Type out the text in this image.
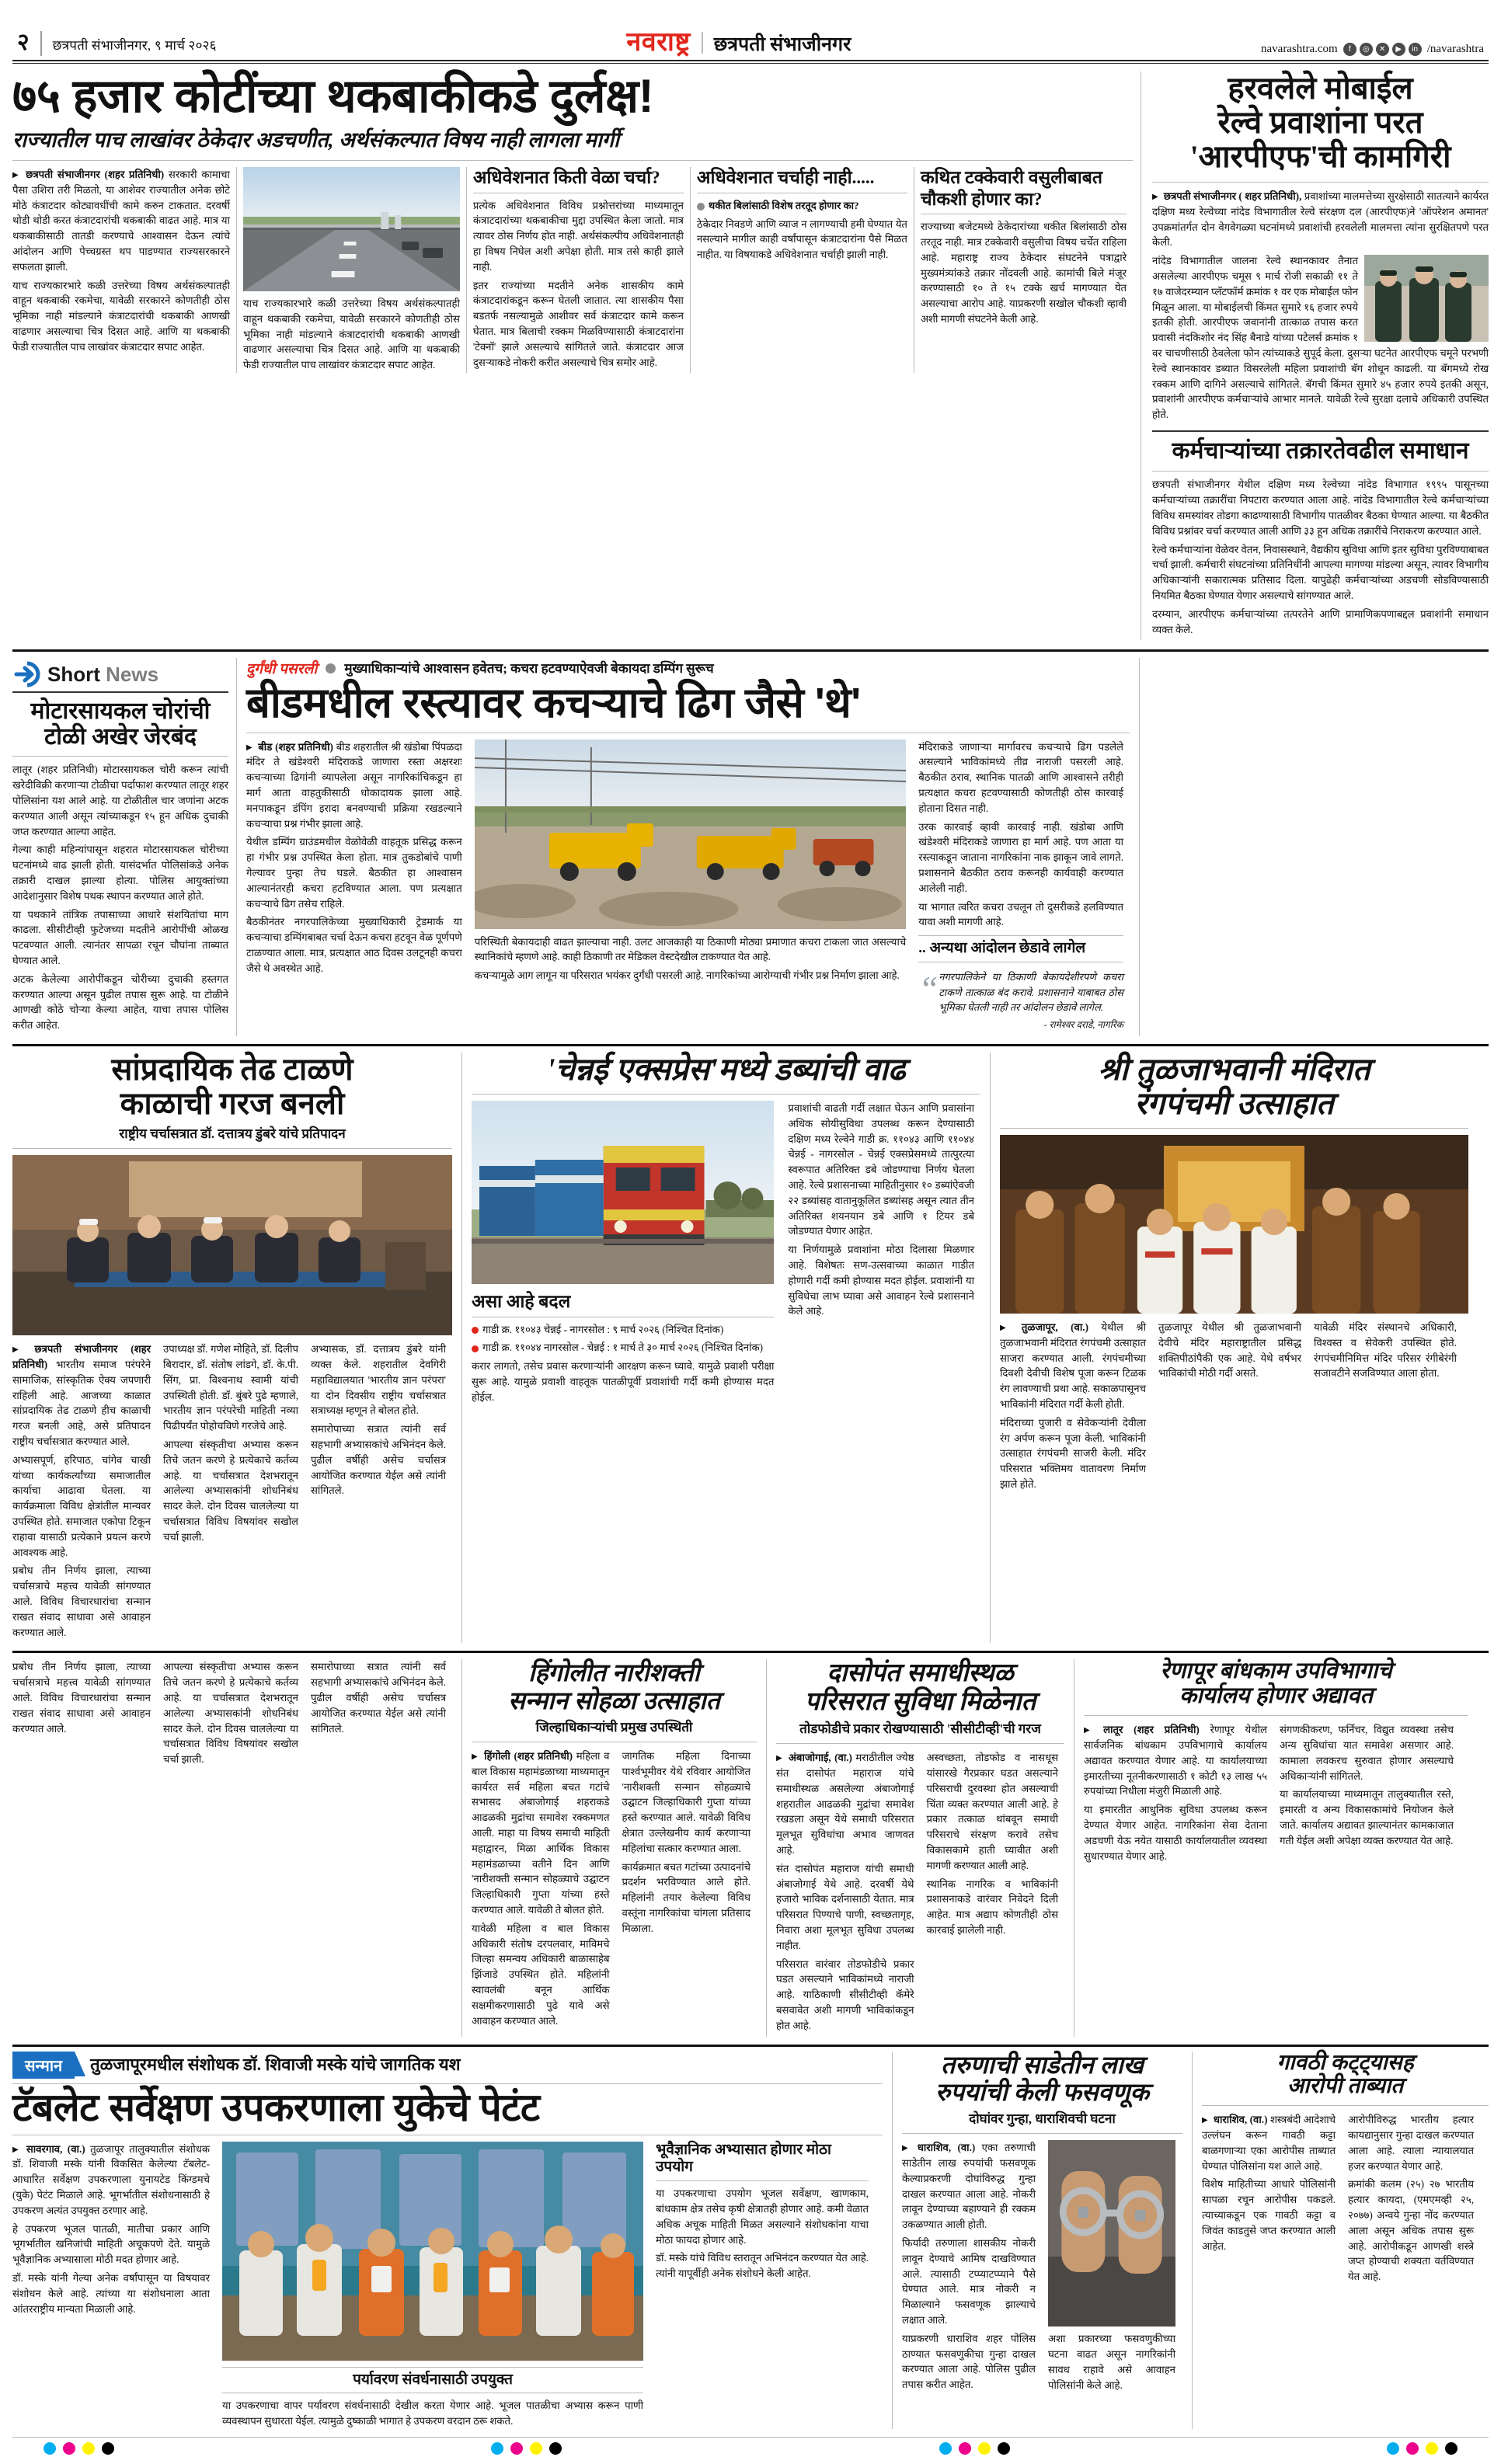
२ छत्रपती संभाजीनगर, ९ मार्च २०२६	नवराष्ट्र छत्रपती संभाजीनगर	navarashtra.com	f	◎	✕	▶	in /navarashtra
७५ हजार कोटींच्या थकबाकीकडे दुर्लक्ष!
राज्यातील पाच लाखांवर ठेकेदार अडचणीत, अर्थसंकल्पात विषय नाही लागला मार्गी

▶ छत्रपती संभाजीनगर (शहर प्रतिनिधी) सरकारी कामाचा पैसा उशिरा तरी मिळतो, या आशेवर राज्यातील अनेक छोटे मोठे कंत्राटदार कोट्यावधींची कामे करुन टाकतात. दरवर्षी थोडी थोडी करत कंत्राटदारांची थकबाकी वाढत आहे. मात्र या थकबाकीसाठी तातडी करण्याचे आश्वासन देऊन त्यांचे आंदोलन आणि पेच्चग्रस्त थप पाडण्यात राज्यसरकारने सफलता झाली.

याच राज्यकारभारे कळी उत्तरेच्या विषय अर्थसंकल्पातही वाहून थकबाकी रकमेचा, यावेळी सरकारने कोणतीही ठोस भूमिका नाही मांडल्याने कंत्राटदारांची थकबाकी आणखी वाढणार असल्याचा चित्र दिसत आहे. आणि या थकबाकी फेडी राज्यातील पाच लाखांवर कंत्राटदार सपाट आहेत.

याच राज्यकारभारे कळी उत्तरेच्या विषय अर्थसंकल्पातही वाहून थकबाकी रकमेचा, यावेळी सरकारने कोणतीही ठोस भूमिका नाही मांडल्याने कंत्राटदारांची थकबाकी आणखी वाढणार असल्याचा चित्र दिसत आहे. आणि या थकबाकी फेडी राज्यातील पाच लाखांवर कंत्राटदार सपाट आहेत.
अधिवेशनात किती वेळा चर्चा?

प्रत्येक अधिवेशनात विविध प्रश्नोत्तरांच्या माध्यमातून कंत्राटदारांच्या थकबाकीचा मुद्दा उपस्थित केला जातो. मात्र त्यावर ठोस निर्णय होत नाही. अर्थसंकल्पीय अधिवेशनातही हा विषय निघेल अशी अपेक्षा होती. मात्र तसे काही झाले नाही.

इतर राज्यांच्या मदतीने अनेक शासकीय कामे कंत्राटदारांकडून करून घेतली जातात. त्या शासकीय पैसा बडतर्फ नसल्यामुळे आशीवर सर्व कंत्राटदार कामे करून घेतात. मात्र बिलाची रक्कम मिळविण्यासाठी कंत्राटदारांना 'टेक्नॉ' झाले असल्याचे सांगितले जाते. कंत्राटदार आज दुसऱ्याकडे नोकरी करीत असल्याचे चित्र समोर आहे.

अधिवेशनात चर्चाही नाही.....
थकीत बिलांसाठी विशेष तरतूद होणार का?

ठेकेदार निवडणे आणि व्याज न लागण्याची हमी घेण्यात येत नसल्याने मागील काही वर्षांपासून कंत्राटदारांना पैसे मिळत नाहीत. या विषयाकडे अधिवेशनात चर्चाही झाली नाही.

कथित टक्केवारी वसुलीबाबत चौकशी होणार का?

राज्याच्या बजेटमध्ये ठेकेदारांच्या थकीत बिलांसाठी ठोस तरतूद नाही. मात्र टक्केवारी वसुलीचा विषय चर्चेत राहिला आहे. महाराष्ट्र राज्य ठेकेदार संघटनेने पत्राद्वारे मुख्यमंत्र्यांकडे तक्रार नोंदवली आहे. कामांची बिले मंजूर करण्यासाठी १० ते १५ टक्के खर्च मागण्यात येत असल्याचा आरोप आहे. याप्रकरणी सखोल चौकशी व्हावी अशी मागणी संघटनेने केली आहे.

हरवलेले मोबाईल
रेल्वे प्रवाशांना परत
'आरपीएफ'ची कामगिरी

▶ छत्रपती संभाजीनगर ( शहर प्रतिनिधी), प्रवाशांच्या मालमत्तेच्या सुरक्षेसाठी सातत्याने कार्यरत दक्षिण मध्य रेल्वेच्या नांदेड विभागातील रेल्वे संरक्षण दल (आरपीएफ)ने 'ऑपरेशन अमानत' उपक्रमांतर्गत दोन वेगवेगळ्या घटनांमध्ये प्रवाशांची हरवलेली मालमत्ता त्यांना सुरक्षितपणे परत केली.

नांदेड विभागातील जालना रेल्वे स्थानकावर तैनात असलेल्या आरपीएफ चमूस ९ मार्च रोजी सकाळी ११ ते १७ वाजेदरम्यान प्लॅटफॉर्म क्रमांक १ वर एक मोबाईल फोन मिळून आला. या मोबाईलची किंमत सुमारे १६ हजार रुपये इतकी होती. आरपीएफ जवानांनी तात्काळ तपास करत प्रवासी नंदकिशोर नंद सिंह बैनाडे यांच्या पटेलर्स क्रमांक १ वर चाचणीसाठी ठेवलेला फोन त्यांच्याकडे सुपूर्द केला. दुसऱ्या घटनेत आरपीएफ चमूने परभणी रेल्वे स्थानकावर डब्यात विसरलेली महिला प्रवाशांची बॅग शोधून काढली. या बॅगमध्ये रोख रक्कम आणि दागिने असल्याचे सांगितले. बॅगची किंमत सुमारे ४५ हजार रुपये इतकी असून, प्रवाशांनी आरपीएफ कर्मचाऱ्यांचे आभार मानले. यावेळी रेल्वे सुरक्षा दलाचे अधिकारी उपस्थित होते.

कर्मचाऱ्यांच्या तक्रारतेवढील समाधान

छत्रपती संभाजीनगर येथील दक्षिण मध्य रेल्वेच्या नांदेड विभागात १९९५ पासूनच्या कर्मचाऱ्यांच्या तक्रारींचा निपटारा करण्यात आला आहे. नांदेड विभागातील रेल्वे कर्मचाऱ्यांच्या विविध समस्यांवर तोडगा काढण्यासाठी विभागीय पातळीवर बैठका घेण्यात आल्या. या बैठकीत विविध प्रश्नांवर चर्चा करण्यात आली आणि ३३ हून अधिक तक्रारींचे निराकरण करण्यात आले.

रेल्वे कर्मचाऱ्यांना वेळेवर वेतन, निवासस्थाने, वैद्यकीय सुविधा आणि इतर सुविधा पुरविण्याबाबत चर्चा झाली. कर्मचारी संघटनांच्या प्रतिनिधींनी आपल्या मागण्या मांडल्या असून, त्यावर विभागीय अधिकाऱ्यांनी सकारात्मक प्रतिसाद दिला. यापुढेही कर्मचाऱ्यांच्या अडचणी सोडविण्यासाठी नियमित बैठका घेण्यात येणार असल्याचे सांगण्यात आले.

दरम्यान, आरपीएफ कर्मचाऱ्यांच्या तत्परतेने आणि प्रामाणिकपणाबद्दल प्रवाशांनी समाधान व्यक्त केले.

Short News
मोटारसायकल चोरांची टोळी अखेर जेरबंद

लातूर (शहर प्रतिनिधी) मोटारसायकल चोरी करून त्यांची खरेदीविक्री करणाऱ्या टोळीचा पर्दाफाश करण्यात लातूर शहर पोलिसांना यश आले आहे. या टोळीतील चार जणांना अटक करण्यात आली असून त्यांच्याकडून १५ हून अधिक दुचाकी जप्त करण्यात आल्या आहेत.

गेल्या काही महिन्यांपासून शहरात मोटारसायकल चोरीच्या घटनांमध्ये वाढ झाली होती. यासंदर्भात पोलिसांकडे अनेक तक्रारी दाखल झाल्या होत्या. पोलिस आयुक्तांच्या आदेशानुसार विशेष पथक स्थापन करण्यात आले होते.

या पथकाने तांत्रिक तपासाच्या आधारे संशयितांचा माग काढला. सीसीटीव्ही फुटेजच्या मदतीने आरोपींची ओळख पटवण्यात आली. त्यानंतर सापळा रचून चौघांना ताब्यात घेण्यात आले.

अटक केलेल्या आरोपींकडून चोरीच्या दुचाकी हस्तगत करण्यात आल्या असून पुढील तपास सुरू आहे. या टोळीने आणखी कोठे चोऱ्या केल्या आहेत, याचा तपास पोलिस करीत आहेत.

दुर्गंधी पसरली मुख्याधिकाऱ्यांचे आश्वासन हवेतच; कचरा हटवण्याऐवजी बेकायदा डम्पिंग सुरूच
बीडमधील रस्त्यावर कचऱ्याचे ढिग जैसे 'थे'

▶ बीड (शहर प्रतिनिधी) बीड शहरातील श्री खंडोबा पिंपळदा मंदिर ते खंडेश्वरी मंदिराकडे जाणारा रस्ता अक्षरशः कचऱ्याच्या ढिगांनी व्यापलेला असून नागरिकांचिकडून हा मार्ग आता वाहतुकीसाठी धोकादायक झाला आहे. मनपाकडून डंपिंग इरादा बनवण्याची प्रक्रिया रखडल्याने कचऱ्याचा प्रश्न गंभीर झाला आहे.

येथील डम्पिंग ग्राउंडमधील वेळोवेळी वाहतूक प्रसिद्ध करून हा गंभीर प्रश्न उपस्थित केला होता. मात्र तुकडोबांचे पाणी गेल्यावर पुन्हा तेच घडले. बैठकीत हा आश्वासन आल्यानंतरही कचरा हटविण्यात आला. पण प्रत्यक्षात कचऱ्याचे ढिग तसेच राहिले.

बैठकीनंतर नगरपालिकेच्या मुख्याधिकारी ट्रेडमार्क या कचऱ्याचा डम्पिंगबाबत चर्चा देऊन कचरा हटवून वेळ पूर्णपणे टाळण्यात आला. मात्र, प्रत्यक्षात आठ दिवस उलटूनही कचरा जैसे थे अवस्थेत आहे.

परिस्थिती बेकायदाही वाढत झाल्याचा नाही. उलट आजकाही या ठिकाणी मोठ्या प्रमाणात कचरा टाकला जात असल्याचे स्थानिकांचे म्हणणे आहे. काही ठिकाणी तर मेडिकल वेस्टदेखील टाकण्यात येत आहे.

कचऱ्यामुळे आग लागून या परिसरात भयंकर दुर्गंधी पसरली आहे. नागरिकांच्या आरोग्याची गंभीर प्रश्न निर्माण झाला आहे.

मंदिराकडे जाणाऱ्या मार्गावरच कचऱ्याचे ढिग पडलेले असल्याने भाविकांमध्ये तीव्र नाराजी पसरली आहे. बैठकीत ठराव, स्थानिक पातळी आणि आश्वासने तरीही प्रत्यक्षात कचरा हटवण्यासाठी कोणतीही ठोस कारवाई होताना दिसत नाही.

उरक कारवाई व्हावी कारवाई नाही. खंडोबा आणि खंडेश्वरी मंदिराकडे जाणारा हा मार्ग आहे. पण आता या रस्त्याकडून जाताना नागरिकांना नाक झाकून जावे लागते. प्रशासनाने बैठकीत ठराव करूनही कार्यवाही करण्यात आलेली नाही.

या भागात त्वरित कचरा उचलून तो दुसरीकडे हलविण्यात यावा अशी मागणी आहे.

.. अन्यथा आंदोलन छेडावे लागेल
“ नगरपालिकेने या ठिकाणी बेकायदेशीरपणे कचरा टाकणे तात्काळ बंद करावे. प्रशासनाने याबाबत ठोस भूमिका घेतली नाही तर आंदोलन छेडावे लागेल.
- रामेश्वर दराडे, नागरिक
सांप्रदायिक तेढ टाळणे
काळाची गरज बनली
राष्ट्रीय चर्चासत्रात डॉ. दत्तात्रय डुंबरे यांचे प्रतिपादन

▶ छत्रपती संभाजीनगर (शहर प्रतिनिधी) भारतीय समाज परंपरेने सामाजिक, सांस्कृतिक ऐक्य जपणारी राहिली आहे. आजच्या काळात सांप्रदायिक तेढ टाळणे हीच काळाची गरज बनली आहे, असे प्रतिपादन राष्ट्रीय चर्चासत्रात करण्यात आले.

अभ्यासपूर्ण, हरिपाठ, चांगेव चाखी यांच्या कार्यकर्त्यांच्या समाजातील कार्याचा आढावा घेतला. या कार्यक्रमाला विविध क्षेत्रांतील मान्यवर उपस्थित होते. समाजात एकोपा टिकून राहावा यासाठी प्रत्येकाने प्रयत्न करणे आवश्यक आहे.

प्रबोध तीन निर्णय झाला, त्याच्या चर्चासत्राचे महत्त्व यावेळी सांगण्यात आले. विविध विचारधारांचा सन्मान राखत संवाद साधावा असे आवाहन करण्यात आले.

उपाध्यक्ष डॉ. गणेश मोहिते, डॉ. दिलीप बिरादार, डॉ. संतोष लांडगे, डॉ. के.पी. सिंग, प्रा. विश्वनाथ स्वामी यांची उपस्थिती होती. डॉ. बुंबरे पुढे म्हणाले, भारतीय ज्ञान परंपरेची माहिती नव्या पिढीपर्यंत पोहोचविणे गरजेचे आहे.

आपल्या संस्कृतीचा अभ्यास करून तिचे जतन करणे हे प्रत्येकाचे कर्तव्य आहे. या चर्चासत्रात देशभरातून आलेल्या अभ्यासकांनी शोधनिबंध सादर केले. दोन दिवस चाललेल्या या चर्चासत्रात विविध विषयांवर सखोल चर्चा झाली.

अभ्यासक, डॉ. दत्तात्रय डुंबरे यांनी व्यक्त केले. शहरातील देवगिरी महाविद्यालयात 'भारतीय ज्ञान परंपरा' या दोन दिवसीय राष्ट्रीय चर्चासत्रात सत्राध्यक्ष म्हणून ते बोलत होते.

समारोपाच्या सत्रात त्यांनी सर्व सहभागी अभ्यासकांचे अभिनंदन केले. पुढील वर्षीही असेच चर्चासत्र आयोजित करण्यात येईल असे त्यांनी सांगितले.

'चेन्नई एक्सप्रेस'मध्ये डब्यांची वाढ
असा आहे बदल

गाडी क्र. ११०४३ चेन्नई - नागरसोल : ९ मार्च २०२६ (निश्चित दिनांक)

गाडी क्र. ११०४४ नागरसोल - चेन्नई : १ मार्च ते ३० मार्च २०२६ (निश्चित दिनांक)

करार लागतो, तसेच प्रवास करणाऱ्यांनी आरक्षण करून घ्यावे. यामुळे प्रवाशी परीक्षा सुरू आहे. यामुळे प्रवाशी वाहतूक पातळीपूर्वी प्रवाशांची गर्दी कमी होण्यास मदत होईल.

प्रवाशांची वाढती गर्दी लक्षात घेऊन आणि प्रवासांना अधिक सोयीसुविधा उपलब्ध करून देण्यासाठी दक्षिण मध्य रेल्वेने गाडी क्र. ११०४३ आणि ११०४४ चेन्नई - नागरसोल - चेन्नई एक्सप्रेसमध्ये तात्पुरत्या स्वरूपात अतिरिक्त डबे जोडण्याचा निर्णय घेतला आहे. रेल्वे प्रशासनाच्या माहितीनुसार १० डब्यांऐवजी २२ डब्यांसह वातानुकूलित डब्यांसह असून त्यात तीन अतिरिक्त शयनयान डबे आणि १ टियर डबे जोडण्यात येणार आहेत.

या निर्णयामुळे प्रवाशांना मोठा दिलासा मिळणार आहे. विशेषतः सण-उत्सवाच्या काळात गाडीत होणारी गर्दी कमी होण्यास मदत होईल. प्रवाशांनी या सुविधेचा लाभ घ्यावा असे आवाहन रेल्वे प्रशासनाने केले आहे.

श्री तुळजाभवानी मंदिरात
रंगपंचमी उत्साहात

▶ तुळजापूर, (वा.) येथील श्री तुळजाभवानी मंदिरात रंगपंचमी उत्साहात साजरा करण्यात आली. रंगपंचमीच्या दिवशी देवीची विशेष पूजा करून टिळक रंग लावण्याची प्रथा आहे. सकाळपासूनच भाविकांनी मंदिरात गर्दी केली होती.

मंदिराच्या पुजारी व सेवेकऱ्यांनी देवीला रंग अर्पण करून पूजा केली. भाविकांनी उत्साहात रंगपंचमी साजरी केली. मंदिर परिसरात भक्तिमय वातावरण निर्माण झाले होते.

तुळजापूर येथील श्री तुळजाभवानी देवीचे मंदिर महाराष्ट्रातील प्रसिद्ध शक्तिपीठांपैकी एक आहे. येथे वर्षभर भाविकांची मोठी गर्दी असते.

यावेळी मंदिर संस्थानचे अधिकारी, विश्वस्त व सेवेकरी उपस्थित होते. रंगपंचमीनिमित्त मंदिर परिसर रंगीबेरंगी सजावटीने सजविण्यात आला होता.

प्रबोध तीन निर्णय झाला, त्याच्या चर्चासत्राचे महत्त्व यावेळी सांगण्यात आले. विविध विचारधारांचा सन्मान राखत संवाद साधावा असे आवाहन करण्यात आले.

आपल्या संस्कृतीचा अभ्यास करून तिचे जतन करणे हे प्रत्येकाचे कर्तव्य आहे. या चर्चासत्रात देशभरातून आलेल्या अभ्यासकांनी शोधनिबंध सादर केले. दोन दिवस चाललेल्या या चर्चासत्रात विविध विषयांवर सखोल चर्चा झाली.

समारोपाच्या सत्रात त्यांनी सर्व सहभागी अभ्यासकांचे अभिनंदन केले. पुढील वर्षीही असेच चर्चासत्र आयोजित करण्यात येईल असे त्यांनी सांगितले.

हिंगोलीत नारीशक्ती
सन्मान सोहळा उत्साहात
जिल्हाधिकाऱ्यांची प्रमुख उपस्थिती

▶ हिंगोली (शहर प्रतिनिधी) महिला व बाल विकास महामंडळाच्या माध्यमातून कार्यरत सर्व महिला बचत गटांचे सभासद अंबाजोगाई शहराकडे आढळकी मुद्रांचा समावेश रक्कमणत आली. माहा या विषय समाची माहिती महाद्वारन, मिळा आर्थिक विकास महामंडळाच्या वतीने दिन आणि 'नारीशक्ती सन्मान सोहळ्याचे उद्घाटन जिल्हाधिकारी गुप्ता यांच्या हस्ते करण्यात आले. यावेळी ते बोलत होते.

यावेळी महिला व बाल विकास अधिकारी संतोष दरपलवार, माविमचे जिल्हा समन्वय अधिकारी बाळासाहेब झिंजाडे उपस्थित होते. महिलांनी स्वावलंबी बनून आर्थिक सक्षमीकरणासाठी पुढे यावे असे आवाहन करण्यात आले.

जागतिक महिला दिनाच्या पार्श्वभूमीवर येथे रविवार आयोजित 'नारीशक्ती सन्मान सोहळ्याचे उद्घाटन जिल्हाधिकारी गुप्ता यांच्या हस्ते करण्यात आले. यावेळी विविध क्षेत्रात उल्लेखनीय कार्य करणाऱ्या महिलांचा सत्कार करण्यात आला.

कार्यक्रमात बचत गटांच्या उत्पादनांचे प्रदर्शन भरविण्यात आले होते. महिलांनी तयार केलेल्या विविध वस्तूंना नागरिकांचा चांगला प्रतिसाद मिळाला.

दासोपंत समाधीस्थळ
परिसरात सुविधा मिळेनात
तोडफोडीचे प्रकार रोखण्यासाठी 'सीसीटीव्ही'ची गरज

▶ अंबाजोगाई, (वा.) मराठीतील ज्येष्ठ संत दासोपंत महाराज यांचे समाधीस्थळ असलेल्या अंबाजोगाई शहरातील आढळकी मुद्रांचा समावेश रखडला असून येथे समाधी परिसरात मूलभूत सुविधांचा अभाव जाणवत आहे.

संत दासोपंत महाराज यांची समाधी अंबाजोगाई येथे आहे. दरवर्षी येथे हजारो भाविक दर्शनासाठी येतात. मात्र परिसरात पिण्याचे पाणी, स्वच्छतागृह, निवारा अशा मूलभूत सुविधा उपलब्ध नाहीत.

परिसरात वारंवार तोडफोडीचे प्रकार घडत असल्याने भाविकांमध्ये नाराजी आहे. याठिकाणी सीसीटीव्ही कॅमेरे बसवावेत अशी मागणी भाविकांकडून होत आहे.

अस्वच्छता, तोडफोड व नासधूस यांसारखे गैरप्रकार घडत असल्याने परिसराची दुरवस्था होत असल्याची चिंता व्यक्त करण्यात आली आहे. हे प्रकार तत्काळ थांबवून समाधी परिसराचे संरक्षण करावे तसेच विकासकामे हाती घ्यावीत अशी मागणी करण्यात आली आहे.

स्थानिक नागरिक व भाविकांनी प्रशासनाकडे वारंवार निवेदने दिली आहेत. मात्र अद्याप कोणतीही ठोस कारवाई झालेली नाही.

रेणापूर बांधकाम उपविभागाचे
कार्यालय होणार अद्यावत

▶ लातूर (शहर प्रतिनिधी) रेणापूर येथील सार्वजनिक बांधकाम उपविभागाचे कार्यालय अद्यावत करण्यात येणार आहे. या कार्यालयाच्या इमारतीच्या नूतनीकरणासाठी १ कोटी १३ लाख ५५ रुपयांच्या निधीला मंजुरी मिळाली आहे.

या इमारतीत आधुनिक सुविधा उपलब्ध करून देण्यात येणार आहेत. नागरिकांना सेवा देताना अडचणी येऊ नयेत यासाठी कार्यालयातील व्यवस्था सुधारण्यात येणार आहे.

संगणकीकरण, फर्निचर, विद्युत व्यवस्था तसेच अन्य सुविधांचा यात समावेश असणार आहे. कामाला लवकरच सुरुवात होणार असल्याचे अधिकाऱ्यांनी सांगितले.

या कार्यालयाच्या माध्यमातून तालुक्यातील रस्ते, इमारती व अन्य विकासकामांचे नियोजन केले जाते. कार्यालय अद्यावत झाल्यानंतर कामकाजात गती येईल अशी अपेक्षा व्यक्त करण्यात येत आहे.

सन्मान	तुळजापूरमधील संशोधक डॉ. शिवाजी मस्के यांचे जागतिक यश
टॅबलेट सर्वेक्षण उपकरणाला युकेचे पेटंट

▶ सावरगाव, (वा.) तुळजापूर तालुक्यातील संशोधक डॉ. शिवाजी मस्के यांनी विकसित केलेल्या टॅबलेट-आधारित सर्वेक्षण उपकरणाला युनायटेड किंग्डमचे (युके) पेटंट मिळाले आहे. भूगर्भातील संशोधनासाठी हे उपकरण अत्यंत उपयुक्त ठरणार आहे.

हे उपकरण भूजल पातळी, मातीचा प्रकार आणि भूगर्भातील खनिजांची माहिती अचूकपणे देते. यामुळे भूवैज्ञानिक अभ्यासाला मोठी मदत होणार आहे.

डॉ. मस्के यांनी गेल्या अनेक वर्षांपासून या विषयावर संशोधन केले आहे. त्यांच्या या संशोधनाला आता आंतरराष्ट्रीय मान्यता मिळाली आहे.

पर्यावरण संवर्धनासाठी उपयुक्त
या उपकरणाचा वापर पर्यावरण संवर्धनासाठी देखील करता येणार आहे. भूजल पातळीचा अभ्यास करून पाणी व्यवस्थापन सुधारता येईल. त्यामुळे दुष्काळी भागात हे उपकरण वरदान ठरू शकते.
भूवैज्ञानिक अभ्यासात होणार मोठा उपयोग

या उपकरणाचा उपयोग भूजल सर्वेक्षण, खाणकाम, बांधकाम क्षेत्र तसेच कृषी क्षेत्रातही होणार आहे. कमी वेळात अधिक अचूक माहिती मिळत असल्याने संशोधकांना याचा मोठा फायदा होणार आहे.

डॉ. मस्के यांचे विविध स्तरातून अभिनंदन करण्यात येत आहे. त्यांनी यापूर्वीही अनेक संशोधने केली आहेत.

तरुणाची साडेतीन लाख
रुपयांची केली फसवणूक
दोघांवर गुन्हा, धाराशिवची घटना

▶ धाराशिव, (वा.) एका तरुणाची साडेतीन लाख रुपयांची फसवणूक केल्याप्रकरणी दोघांविरुद्ध गुन्हा दाखल करण्यात आला आहे. नोकरी लावून देण्याच्या बहाण्याने ही रक्कम उकळण्यात आली होती.

फिर्यादी तरुणाला शासकीय नोकरी लावून देण्याचे आमिष दाखविण्यात आले. त्यासाठी टप्प्याटप्प्याने पैसे घेण्यात आले. मात्र नोकरी न मिळाल्याने फसवणूक झाल्याचे लक्षात आले.

याप्रकरणी धाराशिव शहर पोलिस ठाण्यात फसवणुकीचा गुन्हा दाखल करण्यात आला आहे. पोलिस पुढील तपास करीत आहेत.

अशा प्रकारच्या फसवणुकीच्या घटना वाढत असून नागरिकांनी सावध राहावे असे आवाहन पोलिसांनी केले आहे.
गावठी कट्ट्यासह
आरोपी ताब्यात

▶ धाराशिव, (वा.) शस्त्रबंदी आदेशाचे उल्लंघन करून गावठी कट्टा बाळगणाऱ्या एका आरोपीस ताब्यात घेण्यात पोलिसांना यश आले आहे.

विशेष माहितीच्या आधारे पोलिसांनी सापळा रचून आरोपीस पकडले. त्याच्याकडून एक गावठी कट्टा व जिवंत काडतुसे जप्त करण्यात आली आहेत.

आरोपीविरुद्ध भारतीय हत्यार कायद्यानुसार गुन्हा दाखल करण्यात आला आहे. त्याला न्यायालयात हजर करण्यात येणार आहे.

क्रमांकी कलम (२५) २७ भारतीय हत्यार कायदा, (एमएमव्ही २५, २०७७) अन्वये गुन्हा नोंद करण्यात आला असून अधिक तपास सुरू आहे. आरोपीकडून आणखी शस्त्रे जप्त होण्याची शक्यता वर्तविण्यात येत आहे.
